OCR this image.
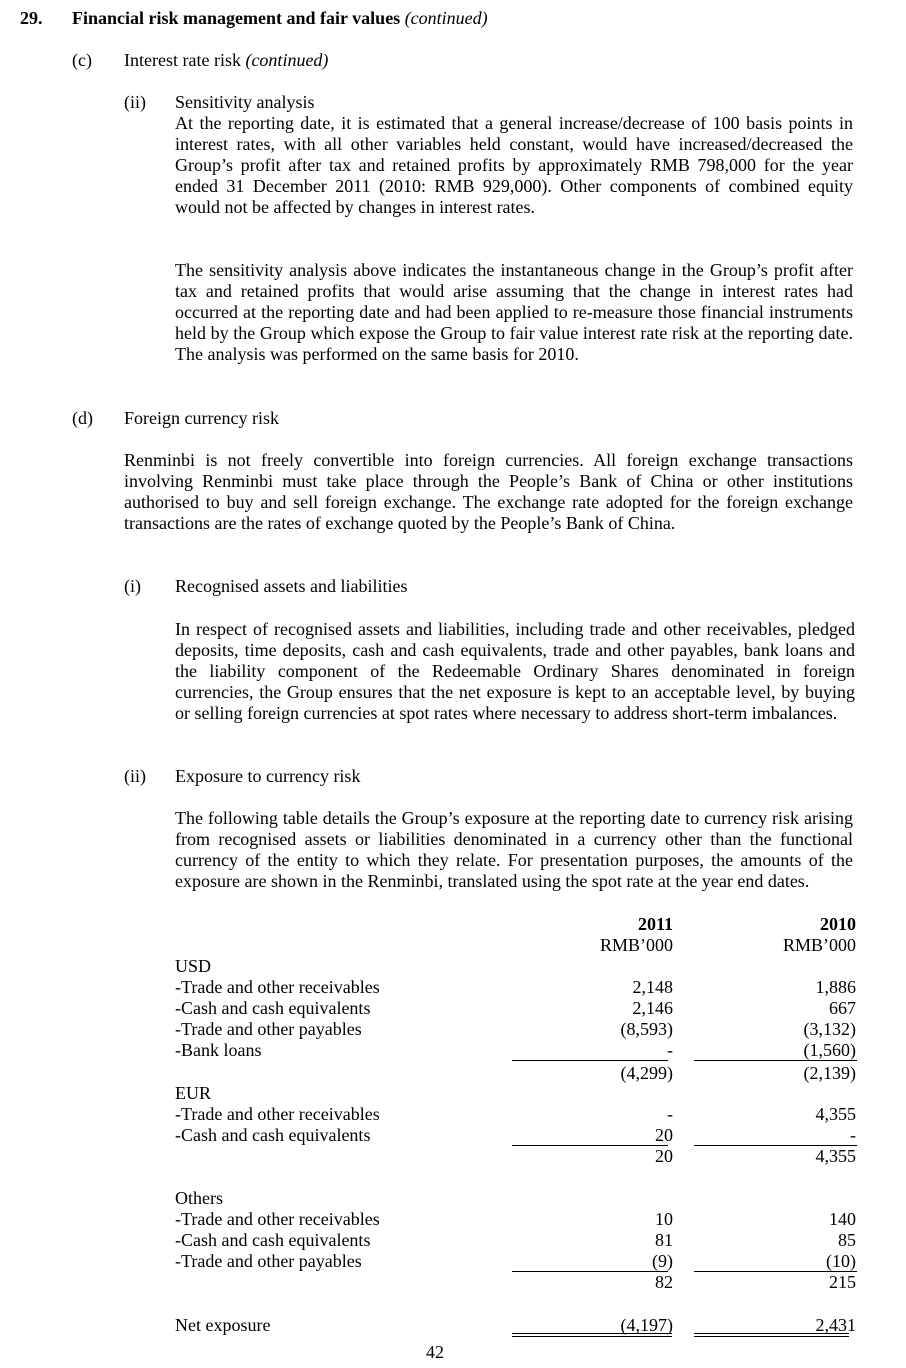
29. Financial risk management and fair values (continued)
(c) Interest rate risk (continued)
(ii) Sensitivity analysis
At the reporting date, it is estimated that a general increase/decrease of 100 basis points in interest rates, with all other variables held constant, would have increased/decreased the Group’s profit after tax and retained profits by approximately RMB 798,000 for the year ended 31 December 2011 (2010: RMB 929,000). Other components of combined equity would not be affected by changes in interest rates.
The sensitivity analysis above indicates the instantaneous change in the Group’s profit after tax and retained profits that would arise assuming that the change in interest rates had occurred at the reporting date and had been applied to re-measure those financial instruments held by the Group which expose the Group to fair value interest rate risk at the reporting date. The analysis was performed on the same basis for 2010.
(d) Foreign currency risk
Renminbi is not freely convertible into foreign currencies. All foreign exchange transactions involving Renminbi must take place through the People’s Bank of China or other institutions authorised to buy and sell foreign exchange. The exchange rate adopted for the foreign exchange transactions are the rates of exchange quoted by the People’s Bank of China.
(i) Recognised assets and liabilities
In respect of recognised assets and liabilities, including trade and other receivables, pledged deposits, time deposits, cash and cash equivalents, trade and other payables, bank loans and the liability component of the Redeemable Ordinary Shares denominated in foreign currencies, the Group ensures that the net exposure is kept to an acceptable level, by buying or selling foreign currencies at spot rates where necessary to address short-term imbalances.
(ii) Exposure to currency risk
The following table details the Group’s exposure at the reporting date to currency risk arising from recognised assets or liabilities denominated in a currency other than the functional currency of the entity to which they relate. For presentation purposes, the amounts of the exposure are shown in the Renminbi, translated using the spot rate at the year end dates.
2011	2010
RMB’000	RMB’000
USD
-Trade and other receivables	2,148	1,886
-Cash and cash equivalents	2,146	667
-Trade and other payables	(8,593)	(3,132)
-Bank loans	-	(1,560)
(4,299)	(2,139)
EUR
-Trade and other receivables	-	4,355
-Cash and cash equivalents	20	-
20	4,355
Others
-Trade and other receivables	10	140
-Cash and cash equivalents	81	85
-Trade and other payables	(9)	(10)
82	215
Net exposure	(4,197)	2,431
42
